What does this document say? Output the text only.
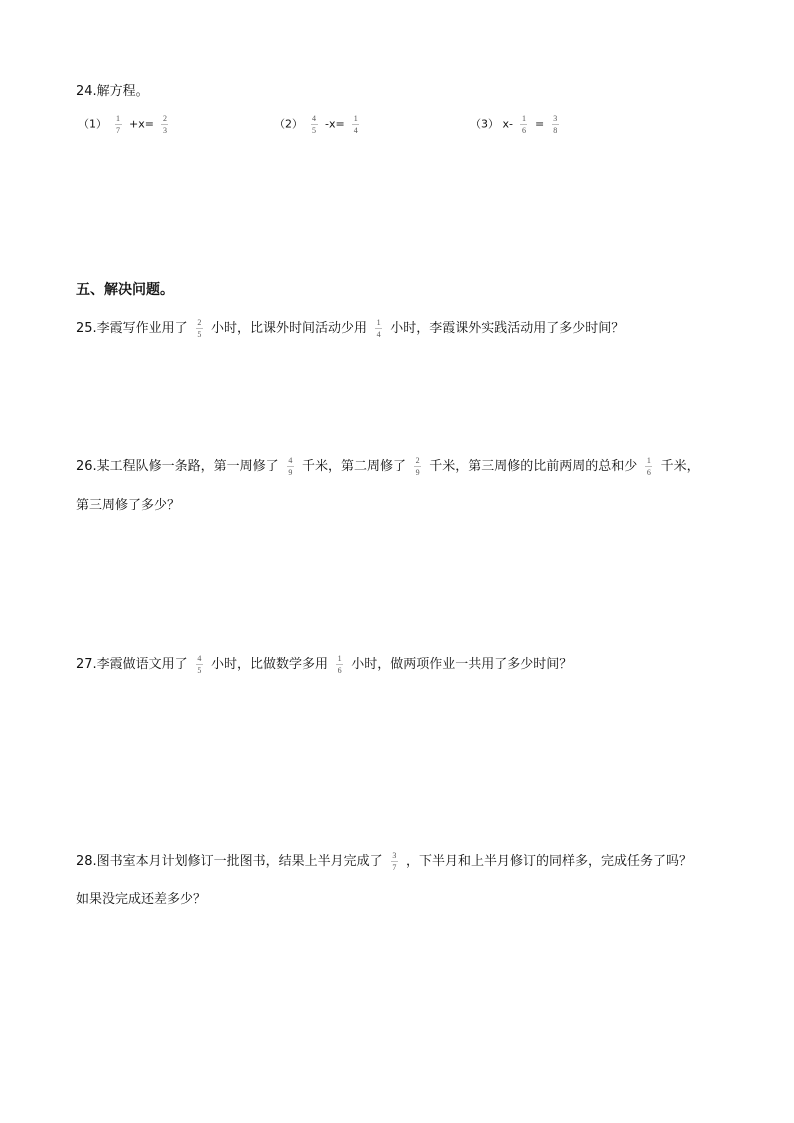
24.解方程。
$(1) \frac{1}{7} +x= \frac{2}{3}$	$(2) \frac{4}{5} -x= \frac{1}{4}$	（3） $x- \frac{1}{6} = \frac{3}{8}$
五、解决问题。
25.李霞写作业用了 $\frac{2}{5}$ 小时，比课外时间活动少用 $\frac{1}{4}$ 小时，李霞课外实践活动用了多少时间？
26.某工程队修一条路，第一周修了 $\frac{4}{9}$ 千米，第二周修了 $\frac{2}{9}$ 千米，第三周修的比前两周的总和少 $\frac{1}{6}$ 千米，
第三周修了多少？
27.李霞做语文用了 $\frac{4}{5}$ 小时，比做数学多用 $\frac{1}{6}$ 小时，做两项作业一共用了多少时间？
28.图书室本月计划修订一批图书，结果上半月完成了 $\frac{3}{7}$ ，下半月和上半月修订的同样多，完成任务了吗？
如果没完成还差多少？
